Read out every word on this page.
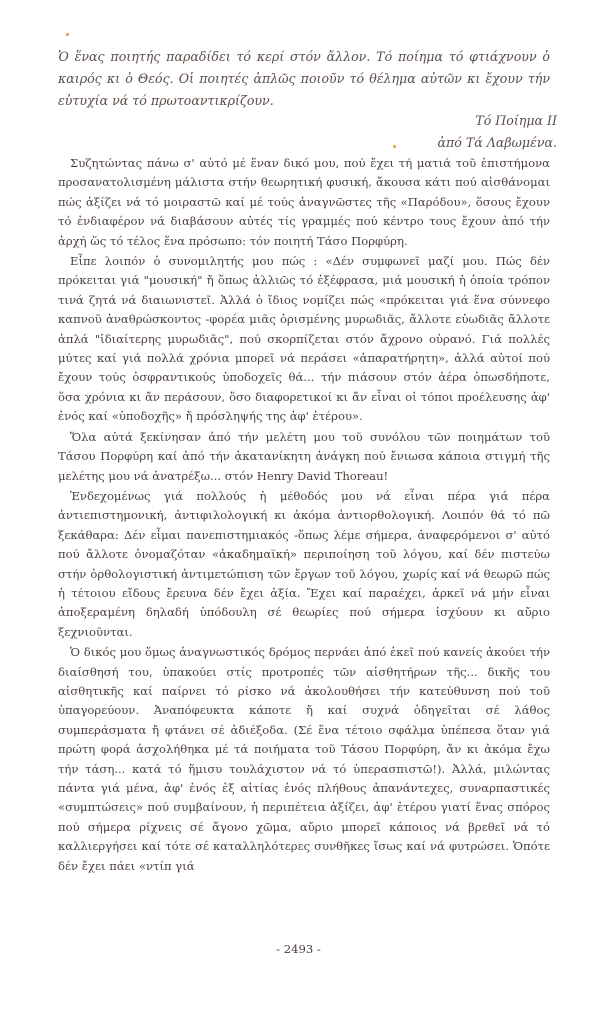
Ὁ ἕνας ποιητής παραδίδει τό κερί στόν ἄλλον. Τό ποίημα τό φτιάχνουν ὁ καιρός κι ὁ Θεός. Οἱ ποιητές ἁπλῶς ποιοῦν τό θέλημα αὐτῶν κι ἔχουν τήν εὐτυχία νά τό πρωτοαντικρίζουν.

Τό Ποίημα ΙΙ
ἀπό Τά Λαβωμένα.

Συζητώντας πάνω σ' αὐτό μέ ἕναν δικό μου, πού ἔχει τή ματιά τοῦ ἐπιστήμονα προσανατολισμένη μάλιστα στήν θεωρητική φυσική, ἄκουσα κάτι πού αἰσθάνομαι πώς ἀξίζει νά τό μοιραστῶ καί μέ τούς ἀναγνῶστες τῆς «Παρόδου», ὅσους ἔχουν τό ἐνδιαφέρον νά διαβάσουν αὐτές τίς γραμμές πού κέντρο τους ἔχουν ἀπό τήν ἀρχή ὥς τό τέλος ἕνα πρόσωπο: τόν ποιητή Τάσο Πορφύρη.

Εἶπε λοιπόν ὁ συνομιλητής μου πώς : «Δέν συμφωνεῖ μαζί μου. Πώς δέν πρόκειται γιά "μουσική" ἤ ὅπως ἀλλιῶς τό ἐξέφρασα, μιά μουσική ἡ ὁποία τρόπον τινά ζητά νά διαιωνιστεῖ. Ἀλλά ὁ ἴδιος νομίζει πώς «πρόκειται γιά ἕνα σύννεφο καπνοῦ ἀναθρώσκοντος -φορέα μιᾶς ὁρισμένης μυρωδιᾶς, ἄλλοτε εὐωδιᾶς ἄλλοτε ἁπλά "ἰδιαίτερης μυρωδιᾶς", πού σκορπίζεται στόν ἄχρονο οὐρανό. Γιά πολλές μύτες καί γιά πολλά χρόνια μπορεῖ νά περάσει «ἀπαρατήρητη», ἀλλά αὐτοί πού ἔχουν τούς ὀσφραντικούς ὑποδοχεῖς θά... τήν πιάσουν στόν ἀέρα ὁπωσδήποτε, ὅσα χρόνια κι ἄν περάσουν, ὅσο διαφορετικοί κι ἄν εἶναι οἱ τόποι προέλευσης ἀφ' ἑνός καί «ὑποδοχῆς» ἤ πρόσληψής της ἀφ' ἑτέρου».

Ὅλα αὐτά ξεκίνησαν ἀπό τήν μελέτη μου τοῦ συνόλου τῶν ποιημάτων τοῦ Τάσου Πορφύρη καί ἀπό τήν ἀκατανίκητη ἀνάγκη πού ἔνιωσα κάποια στιγμή τῆς μελέτης μου νά ἀνατρέξω... στόν Henry David Thoreau!

Ἐνδεχομένως γιά πολλούς ἡ μέθοδός μου νά εἶναι πέρα γιά πέρα ἀντιεπιστημονική, ἀντιφιλολογική κι ἀκόμα ἀντιορθολογική. Λοιπόν θά τό πῶ ξεκάθαρα: Δέν εἶμαι πανεπιστημιακός -ὅπως λέμε σήμερα, ἀναφερόμενοι σ' αὐτό πού ἄλλοτε ὀνομαζόταν «ἀκαδημαϊκή» περιποίηση τοῦ λόγου, καί δέν πιστεύω στήν ὀρθολογιστική ἀντιμετώπιση τῶν ἔργων τοῦ λόγου, χωρίς καί νά θεωρῶ πώς ἡ τέτοιου εἴδους ἔρευνα δέν ἔχει ἀξία. Ἔχει καί παραέχει, ἀρκεῖ νά μήν εἶναι ἀποξεραμένη δηλαδή ὑπόδουλη σέ θεωρίες πού σήμερα ἰσχύουν κι αὔριο ξεχνιοῦνται.

Ὁ δικός μου ὅμως ἀναγνωστικός δρόμος περνάει ἀπό ἐκεῖ πού κανείς ἀκούει τήν διαίσθησή του, ὑπακούει στίς προτροπές τῶν αἰσθητήρων τῆς... δικῆς του αἰσθητικῆς καί παίρνει τό ρίσκο νά ἀκολουθήσει τήν κατεύθυνση πού τοῦ ὑπαγορεύουν. Ἀναπόφευκτα κάποτε ἤ καί συχνά ὁδηγεῖται σέ λάθος συμπεράσματα ἤ φτάνει σέ ἀδιέξοδα. (Σέ ἕνα τέτοιο σφάλμα ὑπέπεσα ὅταν γιά πρώτη φορά ἀσχολήθηκα μέ τά ποιήματα τοῦ Τάσου Πορφύρη, ἄν κι ἀκόμα ἔχω τήν τάση... κατά τό ἥμισυ τουλάχιστον νά τό ὑπερασπιστῶ!). Ἀλλά, μιλώντας πάντα γιά μένα, ἀφ' ἑνός ἐξ αἰτίας ἑνός πλήθους ἀπανάντεχες, συναρπαστικές «συμπτώσεις» πού συμβαίνουν, ἡ περιπέτεια ἀξίζει, ἀφ' ἑτέρου γιατί ἕνας σπόρος πού σήμερα ρίχνεις σέ ἄγονο χῶμα, αὔριο μπορεῖ κάποιος νά βρεθεῖ νά τό καλλιεργήσει καί τότε σέ καταλληλότερες συνθῆκες ἴσως καί νά φυτρώσει. Ὁπότε δέν ἔχει πάει «ντίπ γιά

- 2493 -
